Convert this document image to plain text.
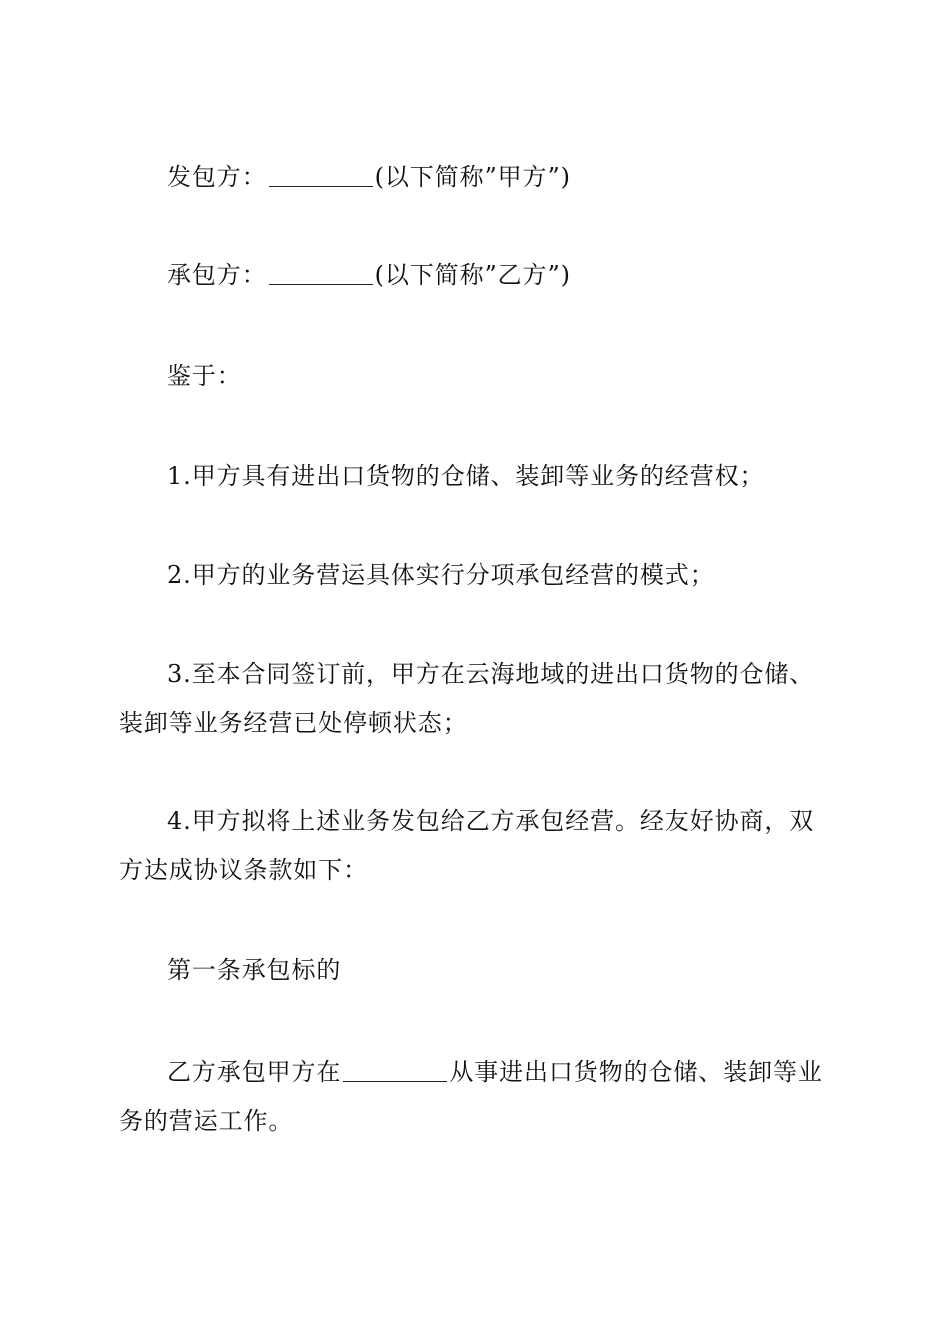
发包方：	(以下简称”甲方”)

承包方：	(以下简称”乙方”)

鉴于：

1.甲方具有进出口货物的仓储、装卸等业务的经营权；

2.甲方的业务营运具体实行分项承包经营的模式；

3.至本合同签订前，甲方在云海地域的进出口货物的仓储、装卸等业务经营已处停顿状态；

4.甲方拟将上述业务发包给乙方承包经营。经友好协商，双方达成协议条款如下：

第一条承包标的

乙方承包甲方在	从事进出口货物的仓储、装卸等业务的营运工作。
